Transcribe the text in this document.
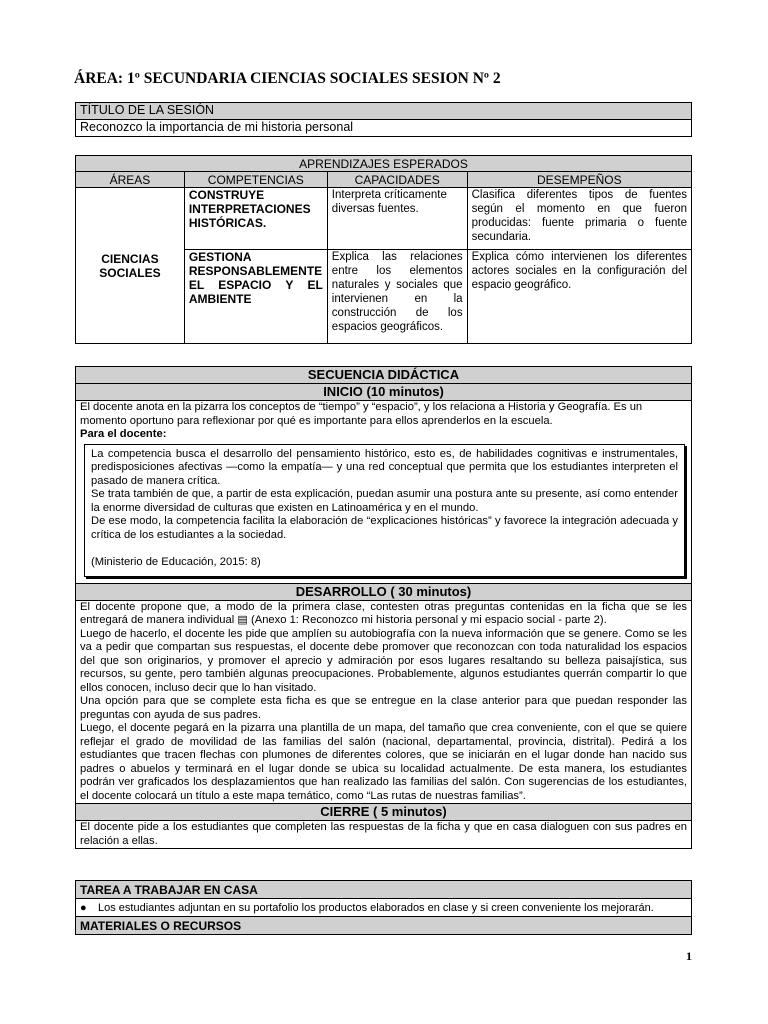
ÁREA: 1º SECUNDARIA CIENCIAS SOCIALES SESION Nº 2
TÍTULO DE LA SESIÓN
Reconozco la importancia de mi historia personal
APRENDIZAJES ESPERADOS			
ÁREAS	COMPETENCIAS	CAPACIDADES	DESEMPEÑOS
CIENCIAS SOCIALES	CONSTRUYE INTERPRETACIONES HISTÓRICAS.	Interpreta críticamente diversas fuentes.	Clasifica diferentes tipos de fuentes según el momento en que fueron producidas: fuente primaria o fuente secundaria.
	GESTIONA RESPONSABLEMENTE EL ESPACIO Y EL AMBIENTE	Explica las relaciones entre los elementos naturales y sociales que intervienen en la construcción de los espacios geográficos.	Explica cómo intervienen los diferentes actores sociales en la configuración del espacio geográfico.
SECUENCIA DIDÁCTICA
INICIO (10 minutos)

El docente anota en la pizarra los conceptos de “tiempo” y “espacio”, y los relaciona a Historia y Geografía. Es un momento oportuno para reflexionar por qué es importante para ellos aprenderlos en la escuela.
Para el docente:

La competencia busca el desarrollo del pensamiento histórico, esto es, de habilidades cognitivas e instrumentales, predisposiciones afectivas —como la empatía— y una red conceptual que permita que los estudiantes interpreten el pasado de manera crítica.

Se trata también de que, a partir de esta explicación, puedan asumir una postura ante su presente, así como entender la enorme diversidad de culturas que existen en Latinoamérica y en el mundo.

De ese modo, la competencia facilita la elaboración de “explicaciones históricas” y favorece la integración adecuada y crítica de los estudiantes a la sociedad.

(Ministerio de Educación, 2015: 8)

DESARROLLO ( 30 minutos)

El docente propone que, a modo de la primera clase, contesten otras preguntas contenidas en la ficha que se les entregará de manera individual ▤ (Anexo 1: Reconozco mi historia personal y mi espacio social - parte 2).
Luego de hacerlo, el docente les pide que amplíen su autobiografía con la nueva información que se genere. Como se les va a pedir que compartan sus respuestas, el docente debe promover que reconozcan con toda naturalidad los espacios del que son originarios, y promover el aprecio y admiración por esos lugares resaltando su belleza paisajística, sus recursos, su gente, pero también algunas preocupaciones. Probablemente, algunos estudiantes querrán compartir lo que ellos conocen, incluso decir que lo han visitado.
Una opción para que se complete esta ficha es que se entregue en la clase anterior para que puedan responder las preguntas con ayuda de sus padres.
Luego, el docente pegará en la pizarra una plantilla de un mapa, del tamaño que crea conveniente, con el que se quiere reflejar el grado de movilidad de las familias del salón (nacional, departamental, provincia, distrital). Pedirá a los estudiantes que tracen flechas con plumones de diferentes colores, que se iniciarán en el lugar donde han nacido sus padres o abuelos y terminará en el lugar donde se ubica su localidad actualmente. De esta manera, los estudiantes podrán ver graficados los desplazamientos que han realizado las familias del salón. Con sugerencias de los estudiantes, el docente colocará un título a este mapa temático, como “Las rutas de nuestras familias”.

CIERRE ( 5 minutos)
El docente pide a los estudiantes que completen las respuestas de la ficha y que en casa dialoguen con sus padres en relación a ellas.
TAREA A TRABAJAR EN CASA
● Los estudiantes adjuntan en su portafolio los productos elaborados en clase y si creen conveniente los mejorarán.
MATERIALES O RECURSOS
1
